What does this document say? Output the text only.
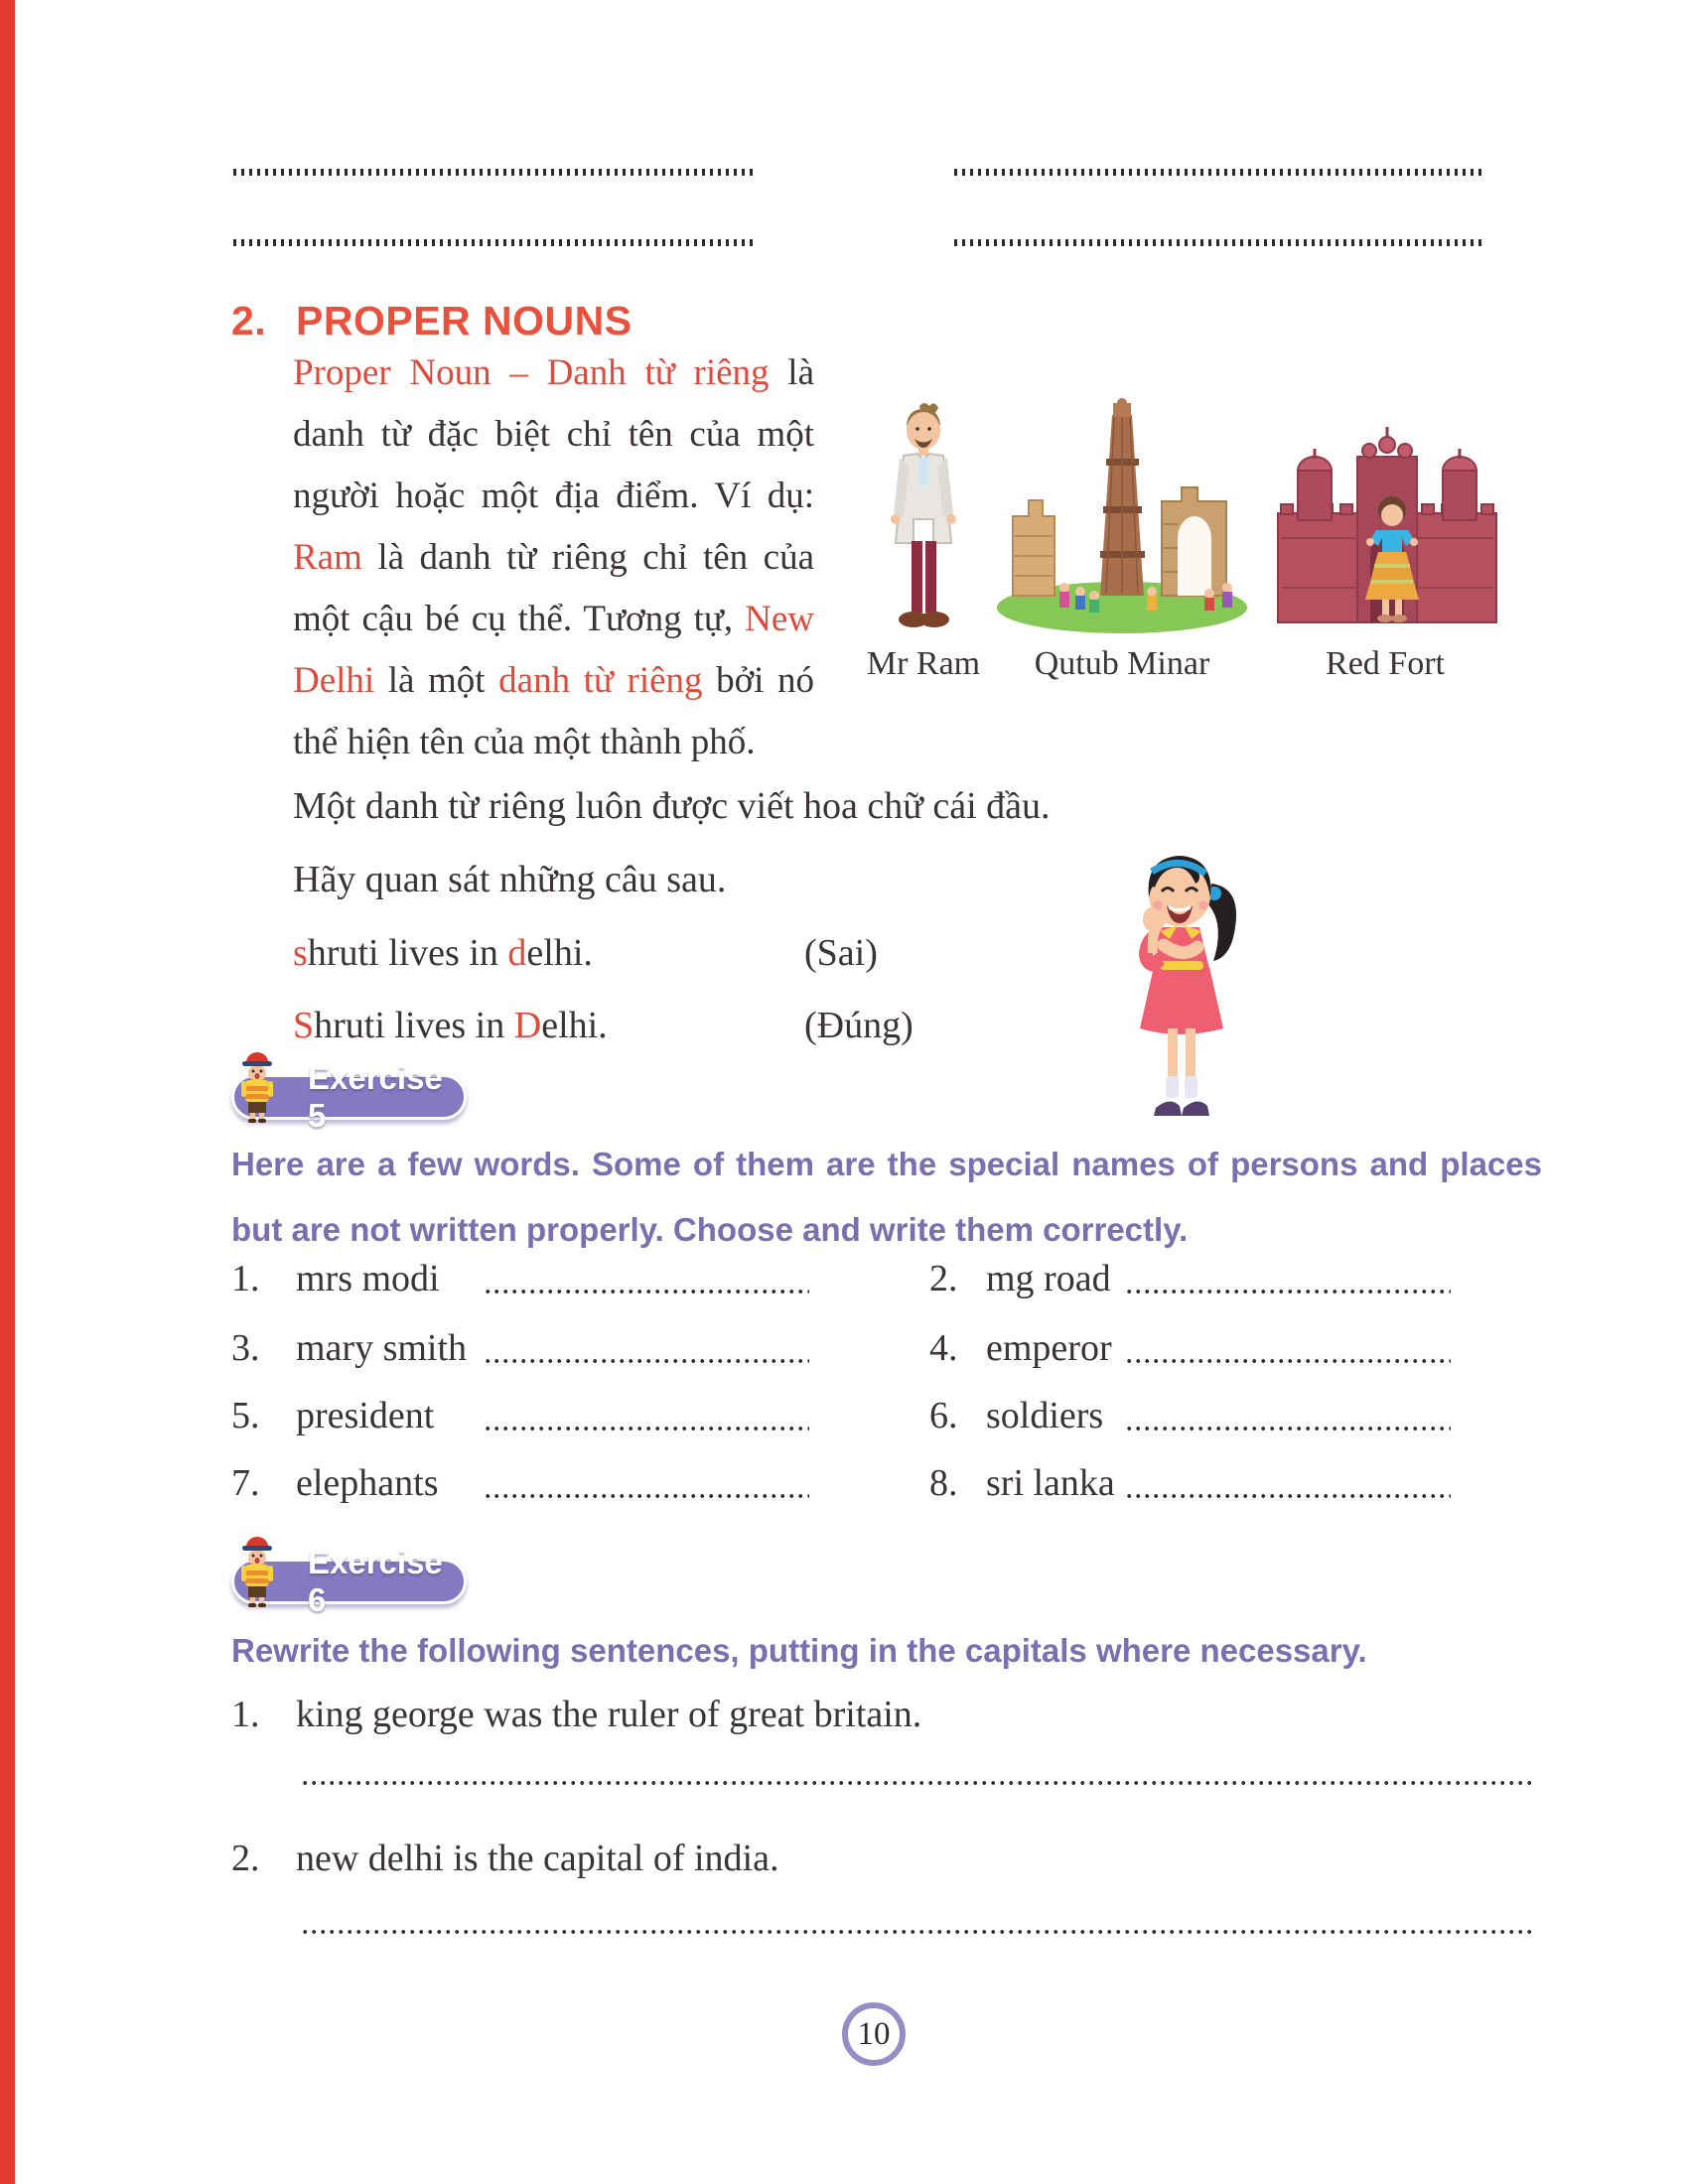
2. PROPER NOUNS
Proper Noun – Danh từ riêng là danh từ đặc biệt chỉ tên của một người hoặc một địa điểm. Ví dụ: Ram là danh từ riêng chỉ tên của một cậu bé cụ thể. Tương tự, New Delhi là một danh từ riêng bởi nó thể hiện tên của một thành phố.
Mr Ram	Qutub Minar	Red Fort
Một danh từ riêng luôn được viết hoa chữ cái đầu.
Hãy quan sát những câu sau.
shruti lives in delhi.	(Sai)
Shruti lives in Delhi.	(Đúng)
Exercise 5
Here are a few words. Some of them are the special names of persons and places but are not written properly. Choose and write them correctly.
1. mrs modi	2. mg road
3. mary smith	4. emperor
5. president	6. soldiers
7. elephants	8. sri lanka
Exercise 6
Rewrite the following sentences, putting in the capitals where necessary.
1. king george was the ruler of great britain.
2. new delhi is the capital of india.
10
